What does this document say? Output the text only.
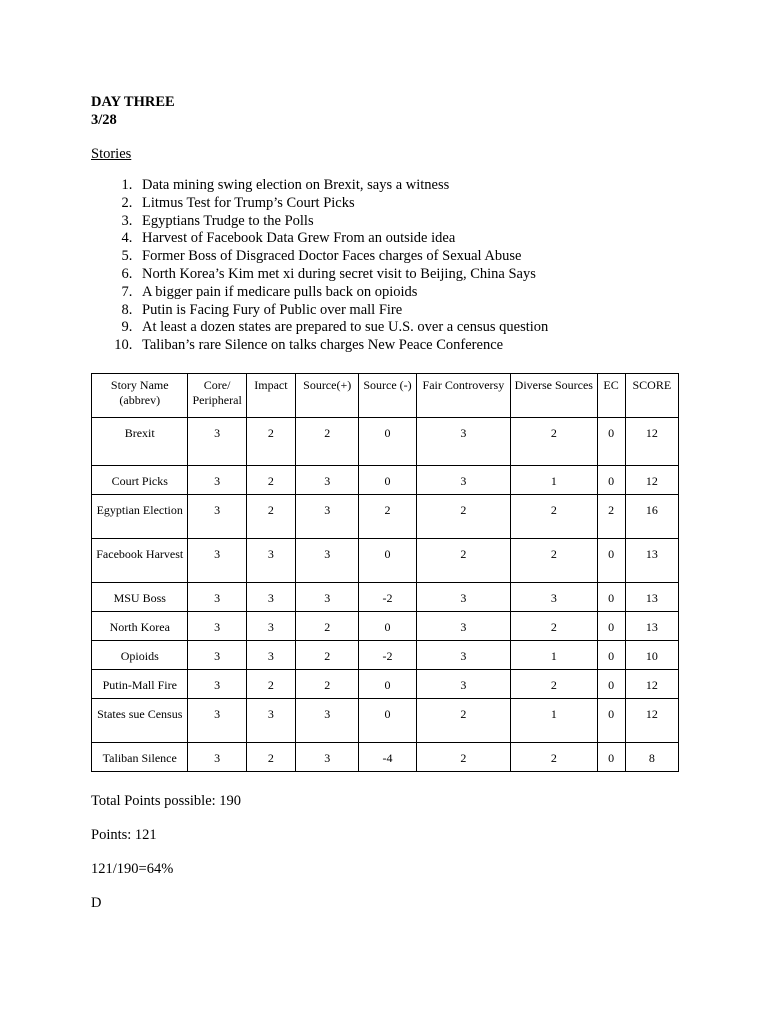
DAY THREE

3/28

Stories

1. Data mining swing election on Brexit, says a witness
2. Litmus Test for Trump’s Court Picks
3. Egyptians Trudge to the Polls
4. Harvest of Facebook Data Grew From an outside idea
5. Former Boss of Disgraced Doctor Faces charges of Sexual Abuse
6. North Korea’s Kim met xi during secret visit to Beijing, China Says
7. A bigger pain if medicare pulls back on opioids
8. Putin is Facing Fury of Public over mall Fire
9. At least a dozen states are prepared to sue U.S. over a census question
10. Taliban’s rare Silence on talks charges New Peace Conference
Story Name (abbrev)	Core/ Peripheral	Impact	Source(+)	Source (-)	Fair Controversy	Diverse Sources	EC	SCORE
Brexit	3	2	2	0	3	2	0	12
Court Picks	3	2	3	0	3	1	0	12
Egyptian Election	3	2	3	2	2	2	2	16
Facebook Harvest	3	3	3	0	2	2	0	13
MSU Boss	3	3	3	-2	3	3	0	13
North Korea	3	3	2	0	3	2	0	13
Opioids	3	3	2	-2	3	1	0	10
Putin-Mall Fire	3	2	2	0	3	2	0	12
States sue Census	3	3	3	0	2	1	0	12
Taliban Silence	3	2	3	-4	2	2	0	8

Total Points possible: 190

Points: 121

121/190=64%

D
